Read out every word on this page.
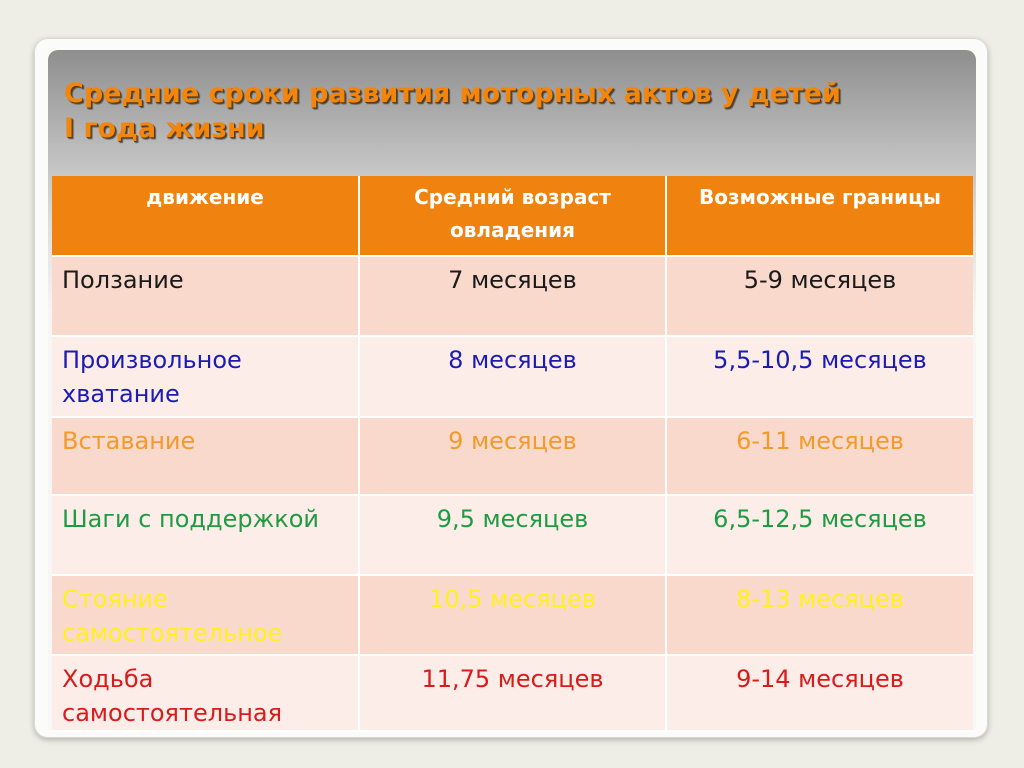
Средние сроки развития моторных актов у детей
I года жизни
движение	Средний возраст овладения	Возможные границы
Ползание	7 месяцев	5-9 месяцев
Произвольное хватание	8 месяцев	5,5-10,5 месяцев
Вставание	9 месяцев	6-11 месяцев
Шаги с поддержкой	9,5 месяцев	6,5-12,5 месяцев
Стояние самостоятельное	10,5 месяцев	8-13 месяцев
Ходьба самостоятельная	11,75 месяцев	9-14 месяцев
